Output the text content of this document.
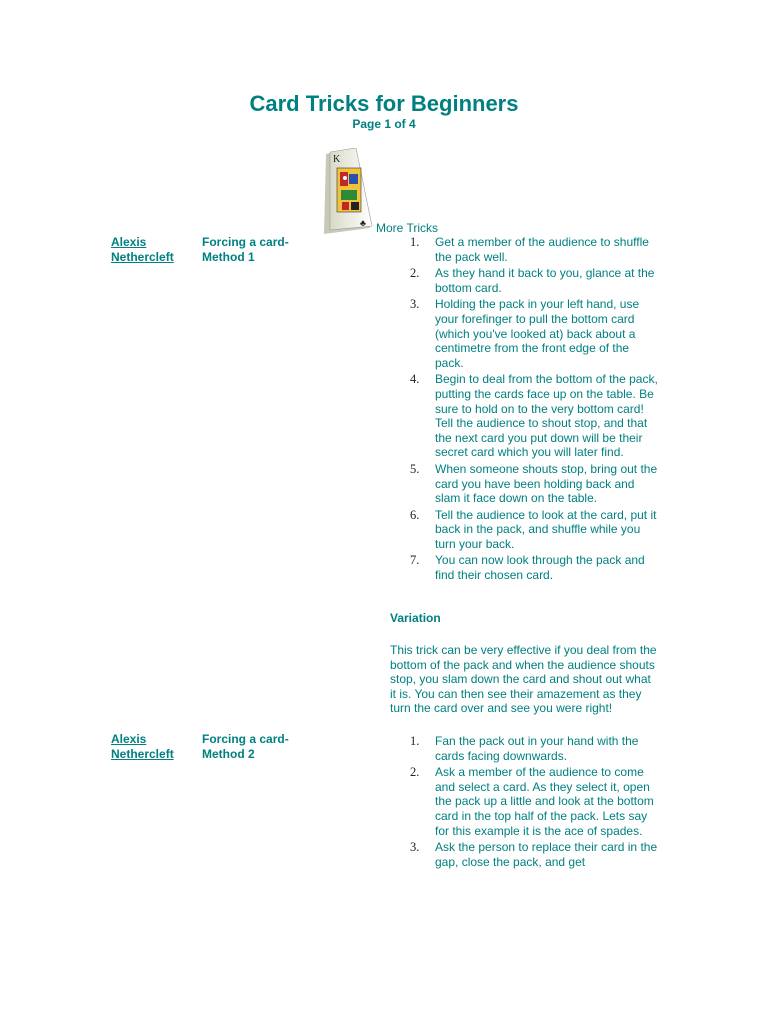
Card Tricks for Beginners
Page 1 of 4
K
♣ More Tricks
Alexis
Nethercleft
Forcing a card-
Method 1
1. Get a member of the audience to shuffle the pack well.
2. As they hand it back to you, glance at the bottom card.
3. Holding the pack in your left hand, use your forefinger to pull the bottom card (which you've looked at) back about a centimetre from the front edge of the pack.
4. Begin to deal from the bottom of the pack, putting the cards face up on the table. Be sure to hold on to the very bottom card! Tell the audience to shout stop, and that the next card you put down will be their secret card which you will later find.
5. When someone shouts stop, bring out the card you have been holding back and slam it face down on the table.
6. Tell the audience to look at the card, put it back in the pack, and shuffle while you turn your back.
7. You can now look through the pack and find their chosen card.
Variation
This trick can be very effective if you deal from the bottom of the pack and when the audience shouts stop, you slam down the card and shout out what it is. You can then see their amazement as they turn the card over and see you were right!
Alexis
Nethercleft
Forcing a card-
Method 2
1. Fan the pack out in your hand with the cards facing downwards.
2. Ask a member of the audience to come and select a card. As they select it, open the pack up a little and look at the bottom card in the top half of the pack. Lets say for this example it is the ace of spades.
3. Ask the person to replace their card in the gap, close the pack, and get
